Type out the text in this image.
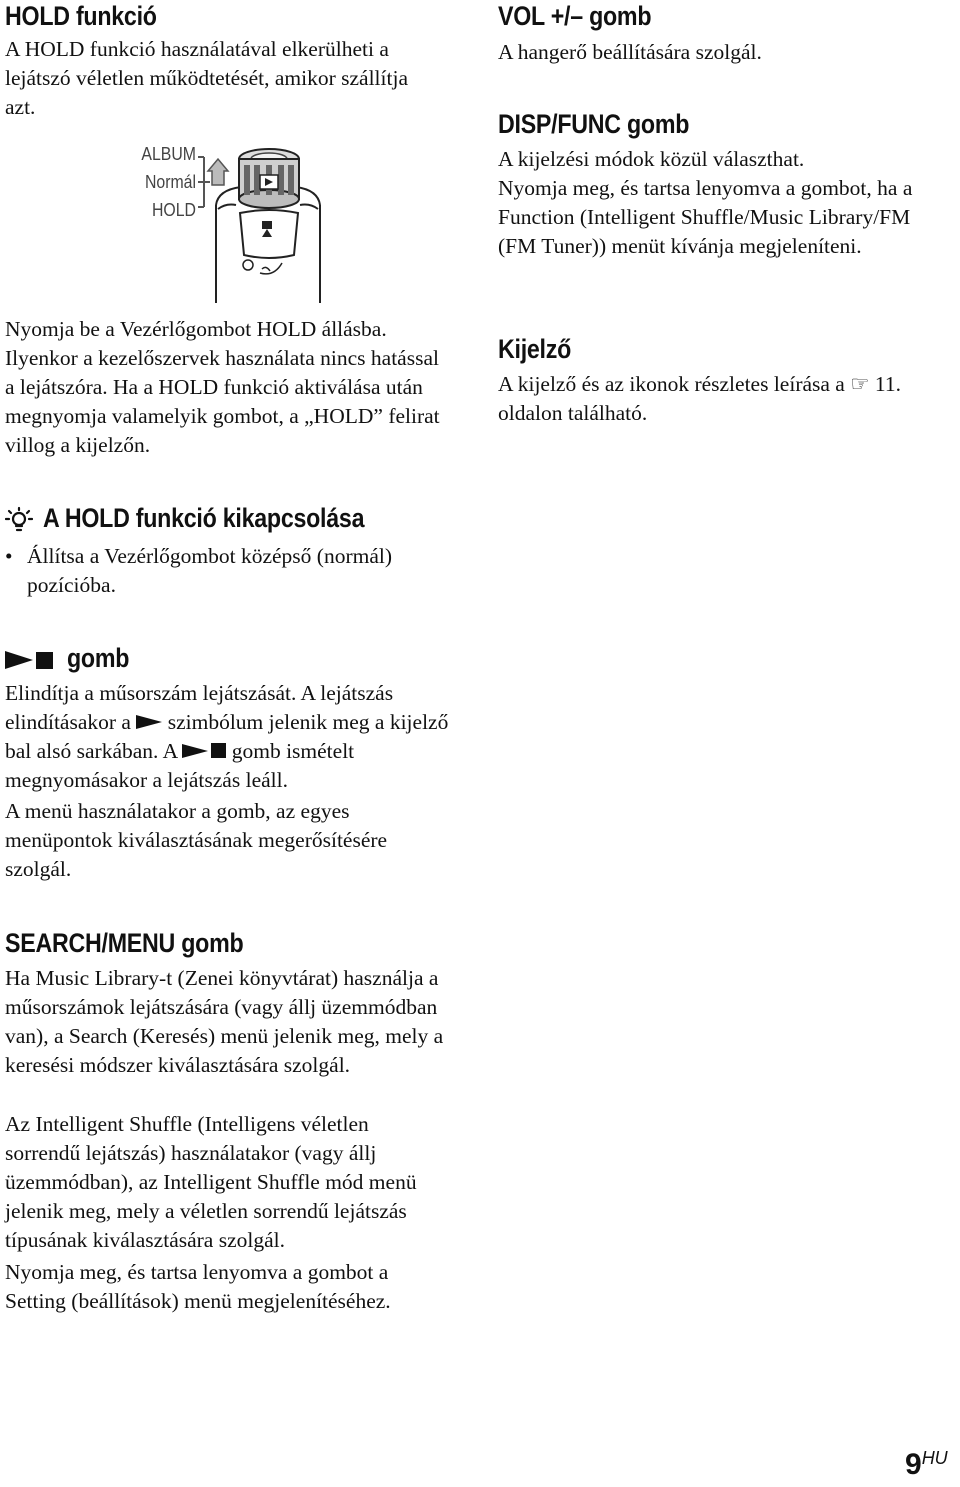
HOLD funkció

A HOLD funkció használatával elkerülheti a lejátszó véletlen működtetését, amikor szállítja azt.

ALBUM
Normál
HOLD

Nyomja be a Vezérlőgombot HOLD állásba. Ilyenkor a kezelőszervek használata nincs hatással a lejátszóra. Ha a HOLD funkció aktiválása után megnyomja valamelyik gombot, a „HOLD” felirat villog a kijelzőn.

A HOLD funkció kikapcsolása
• Állítsa a Vezérlőgombot középső (normál) pozícióba.
gomb

Elindítja a műsorszám lejátszását. A lejátszás elindításakor a szimbólum jelenik meg a kijelző bal alsó sarkában. A	gomb ismételt megnyomásakor a lejátszás leáll.

A menü használatakor a gomb, az egyes menüpontok kiválasztásának megerősítésére szolgál.

SEARCH/MENU gomb

Ha Music Library-t (Zenei könyvtárat) használja a műsorszámok lejátszására (vagy állj üzemmódban van), a Search (Keresés) menü jelenik meg, mely a keresési módszer kiválasztására szolgál.

Az Intelligent Shuffle (Intelligens véletlen sorrendű lejátszás) használatakor (vagy állj üzemmódban), az Intelligent Shuffle mód menü jelenik meg, mely a véletlen sorrendű lejátszás típusának kiválasztására szolgál.

Nyomja meg, és tartsa lenyomva a gombot a Setting (beállítások) menü megjelenítéséhez.

VOL +/– gomb

A hangerő beállítására szolgál.

DISP/FUNC gomb

A kijelzési módok közül választhat.

Nyomja meg, és tartsa lenyomva a gombot, ha a Function (Intelligent Shuffle/Music Library/FM (FM Tuner)) menüt kívánja megjeleníteni.

Kijelző

A kijelző és az ikonok részletes leírása a ☞ 11. oldalon található.

9HU
